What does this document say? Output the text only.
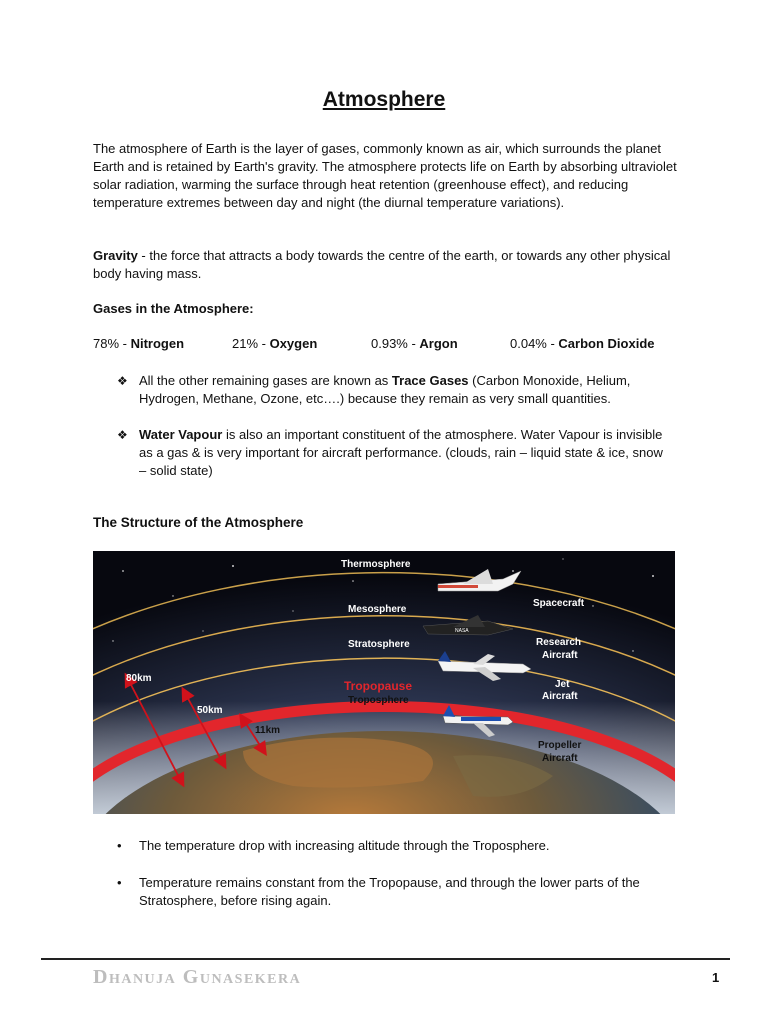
Atmosphere

The atmosphere of Earth is the layer of gases, commonly known as air, which surrounds the planet Earth and is retained by Earth's gravity. The atmosphere protects life on Earth by absorbing ultraviolet solar radiation, warming the surface through heat retention (greenhouse effect), and reducing temperature extremes between day and night (the diurnal temperature variations).

Gravity - the force that attracts a body towards the centre of the earth, or towards any other physical body having mass.

Gases in the Atmosphere:

78% - Nitrogen	21% - Oxygen	0.93% - Argon	0.04% - Carbon Dioxide
❖ All the other remaining gases are known as Trace Gases (Carbon Monoxide, Helium, Hydrogen, Methane, Ozone, etc….) because they remain as very small quantities.
❖ Water Vapour is also an important constituent of the atmosphere. Water Vapour is invisible as a gas & is very important for aircraft performance. (clouds, rain – liquid state & ice, snow – solid state)
The Structure of the Atmosphere
Thermosphere
Mesosphere
Stratosphere
Spacecraft
Research
Aircraft
Jet
Aircraft
80km
50km
Tropopause
Troposphere
11km
Propeller
Aircraft
NASA
• The temperature drop with increasing altitude through the Troposphere.
• Temperature remains constant from the Tropopause, and through the lower parts of the Stratosphere, before rising again.
Dhanuja Gunasekera	1
